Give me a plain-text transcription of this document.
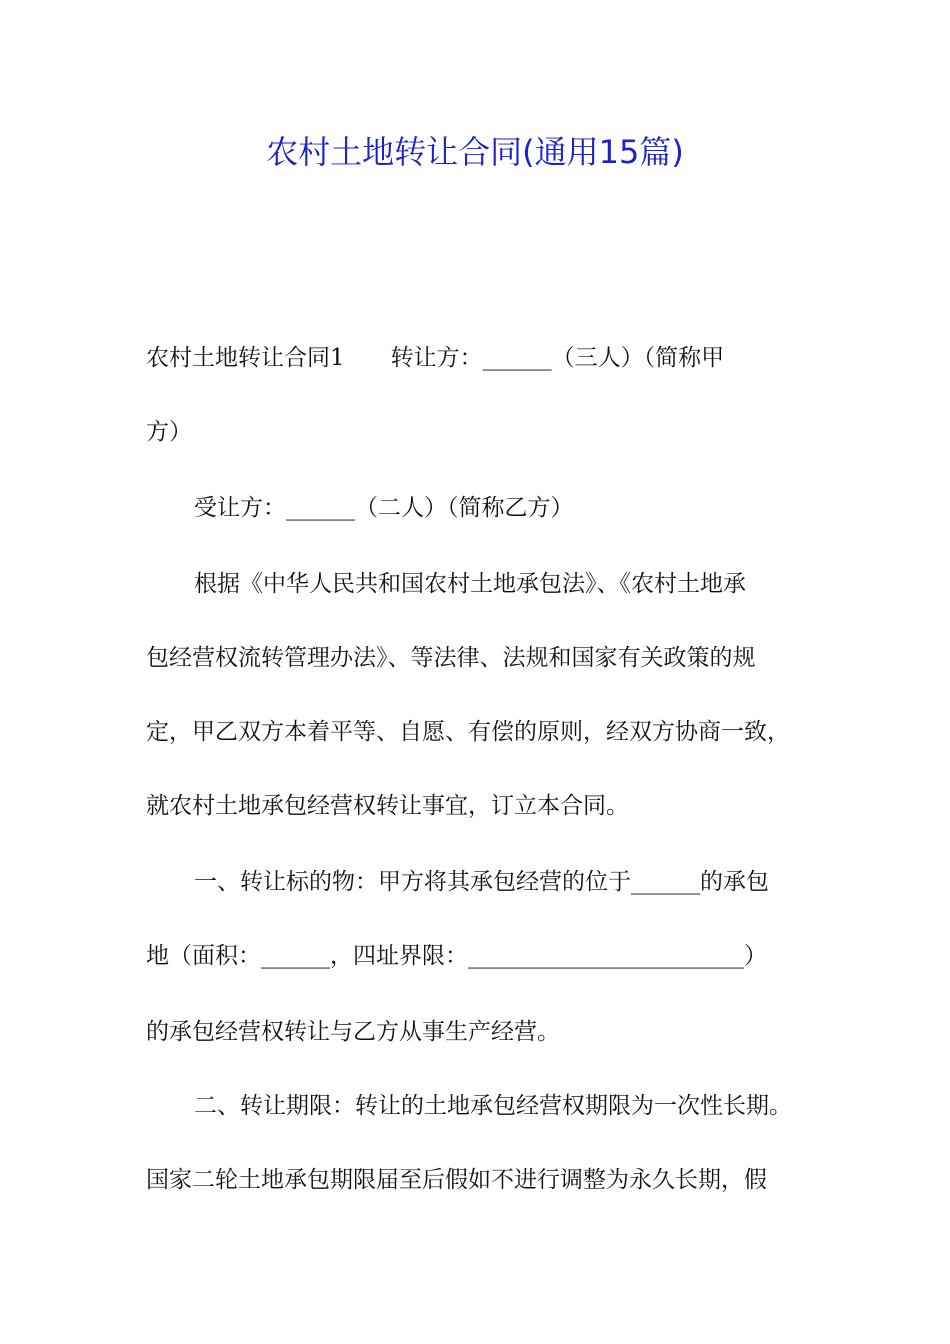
农村土地转让合同(通用15篇)

农村土地转让合同1　　转让方：______（三人）（简称甲

方）

受让方：______（二人）（简称乙方）

根据《中华人民共和国农村土地承包法》、《农村土地承

包经营权流转管理办法》、等法律、法规和国家有关政策的规

定，甲乙双方本着平等、自愿、有偿的原则，经双方协商一致，

就农村土地承包经营权转让事宜，订立本合同。

一、转让标的物：甲方将其承包经营的位于______的承包

地（面积：______，四址界限：________________________）

的承包经营权转让与乙方从事生产经营。

二、转让期限：转让的土地承包经营权期限为一次性长期。

国家二轮土地承包期限届至后假如不进行调整为永久长期，假
